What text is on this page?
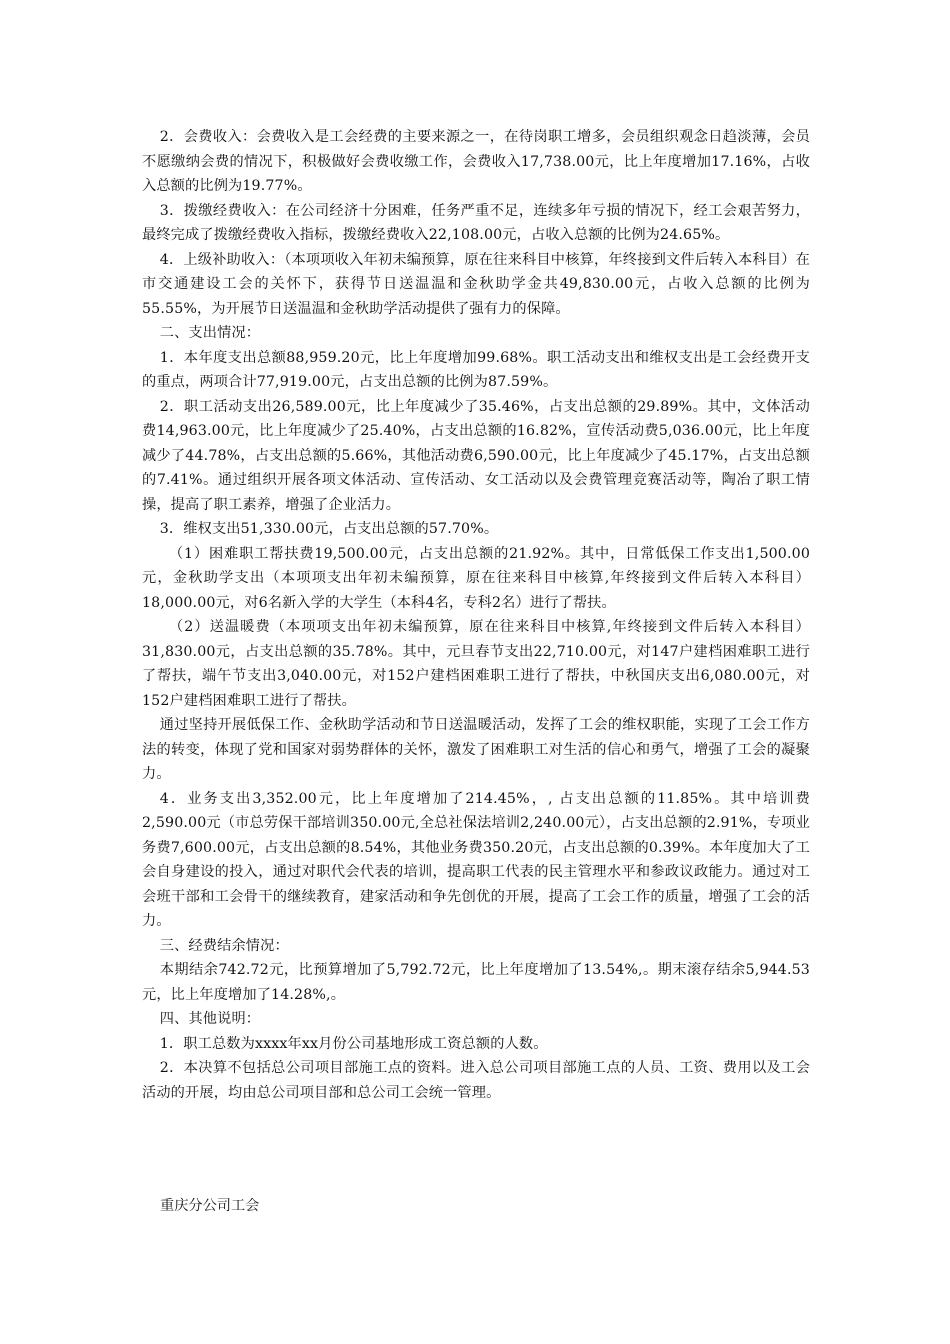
2．会费收入：会费收入是工会经费的主要来源之一，在待岗职工增多，会员组织观念日趋淡薄，会员不愿缴纳会费的情况下，积极做好会费收缴工作，会费收入17,738.00元，比上年度增加17.16%，占收入总额的比例为19.77%。

3．拨缴经费收入：在公司经济十分困难，任务严重不足，连续多年亏损的情况下，经工会艰苦努力，最终完成了拨缴经费收入指标，拨缴经费收入22,108.00元，占收入总额的比例为24.65%。

4．上级补助收入：（本项项收入年初未编预算，原在往来科目中核算，年终接到文件后转入本科目）在市交通建设工会的关怀下，获得节日送温温和金秋助学金共49,830.00元，占收入总额的比例为55.55%，为开展节日送温温和金秋助学活动提供了强有力的保障。

二、支出情况：

1．本年度支出总额88,959.20元，比上年度增加99.68%。职工活动支出和维权支出是工会经费开支的重点，两项合计77,919.00元，占支出总额的比例为87.59%。

2．职工活动支出26,589.00元，比上年度减少了35.46%，占支出总额的29.89%。其中，文体活动费14,963.00元，比上年度减少了25.40%，占支出总额的16.82%，宣传活动费5,036.00元，比上年度减少了44.78%，占支出总额的5.66%，其他活动费6,590.00元，比上年度减少了45.17%，占支出总额的7.41%。通过组织开展各项文体活动、宣传活动、女工活动以及会费管理竞赛活动等，陶冶了职工情操，提高了职工素养，增强了企业活力。

3．维权支出51,330.00元，占支出总额的57.70%。

（1）困难职工帮扶费19,500.00元，占支出总额的21.92%。其中，日常低保工作支出1,500.00元，金秋助学支出（本项项支出年初未编预算，原在往来科目中核算,年终接到文件后转入本科目）18,000.00元，对6名新入学的大学生（本科4名，专科2名）进行了帮扶。

（2）送温暖费（本项项支出年初未编预算，原在往来科目中核算,年终接到文件后转入本科目）31,830.00元，占支出总额的35.78%。其中，元旦春节支出22,710.00元，对147户建档困难职工进行了帮扶，端午节支出3,040.00元，对152户建档困难职工进行了帮扶，中秋国庆支出6,080.00元，对152户建档困难职工进行了帮扶。

通过坚持开展低保工作、金秋助学活动和节日送温暖活动，发挥了工会的维权职能，实现了工会工作方法的转变，体现了党和国家对弱势群体的关怀，激发了困难职工对生活的信心和勇气，增强了工会的凝聚力。

4．业务支出3,352.00元，比上年度增加了214.45%，, 占支出总额的11.85%。其中培训费2,590.00元（市总劳保干部培训350.00元,全总社保法培训2,240.00元），占支出总额的2.91%，专项业务费7,600.00元，占支出总额的8.54%，其他业务费350.20元，占支出总额的0.39%。本年度加大了工会自身建设的投入，通过对职代会代表的培训，提高职工代表的民主管理水平和参政议政能力。通过对工会班干部和工会骨干的继续教育，建家活动和争先创优的开展，提高了工会工作的质量，增强了工会的活力。

三、经费结余情况：

本期结余742.72元，比预算增加了5,792.72元，比上年度增加了13.54%,。期末滚存结余5,944.53元，比上年度增加了14.28%,。

四、其他说明：

1．职工总数为xxxx年xx月份公司基地形成工资总额的人数。

2．本决算不包括总公司项目部施工点的资料。进入总公司项目部施工点的人员、工资、费用以及工会活动的开展，均由总公司项目部和总公司工会统一管理。

重庆分公司工会
